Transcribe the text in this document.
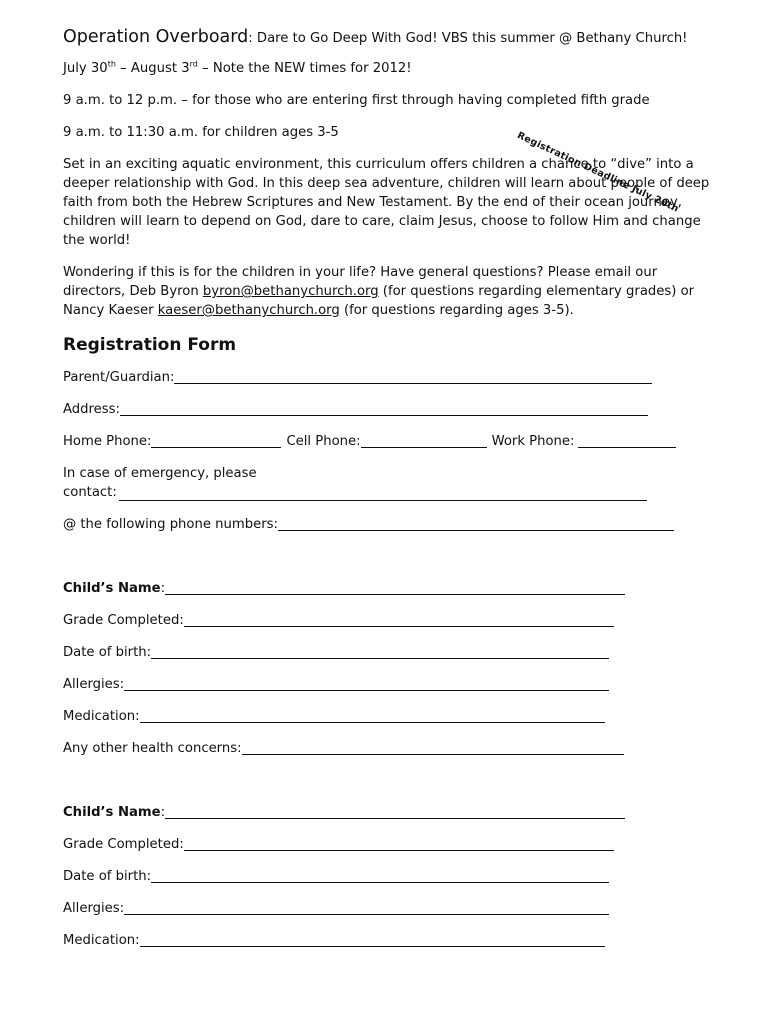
Registration Deadline July 20th
Operation Overboard: Dare to Go Deep With God! VBS this summer @ Bethany Church!

July 30th – August 3rd – Note the NEW times for 2012!

9 a.m. to 12 p.m. – for those who are entering first through having completed fifth grade

9 a.m. to 11:30 a.m. for children ages 3-5

Set in an exciting aquatic environment, this curriculum offers children a chance to “dive” into a deeper relationship with God. In this deep sea adventure, children will learn about people of deep faith from both the Hebrew Scriptures and New Testament. By the end of their ocean journey, children will learn to depend on God, dare to care, claim Jesus, choose to follow Him and change the world!

Wondering if this is for the children in your life? Have general questions? Please email our directors, Deb Byron byron@bethanychurch.org (for questions regarding elementary grades) or Nancy Kaeser kaeser@bethanychurch.org (for questions regarding ages 3-5).

Registration Form
Parent/Guardian:
Address:
Home Phone:	Cell Phone:	Work Phone:
In case of emergency, please contact:
@ the following phone numbers:
Child’s Name :
Grade Completed:
Date of birth:
Allergies:
Medication:
Any other health concerns:
Child’s Name :
Grade Completed:
Date of birth:
Allergies:
Medication:
